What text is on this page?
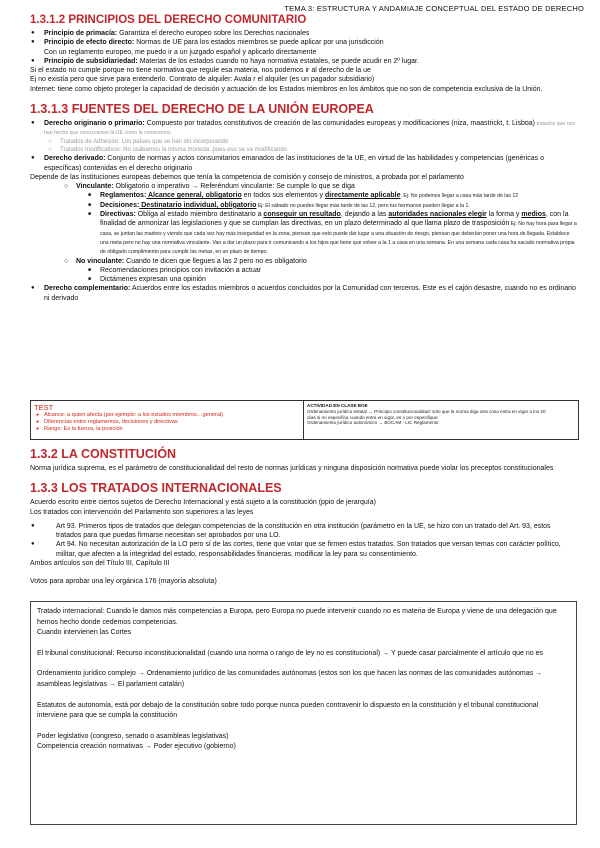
TEMA 3: ESTRUCTURA Y ANDAMIAJE CONCEPTUAL DEL ESTADO DE DERECHO
1.3.1.2 PRINCIPIOS DEL DERECHO COMUNITARIO
● Principio de primacía: Garantiza el derecho europeo sobre los Derechos nacionales
● Principio de efecto directo: Normas de UE para los estados miembros se puede aplicar por una jurisdicción

Con un reglamento europeo, me puedo ir a un juzgado español y aplicarlo directamente

● Principio de subsidiariedad: Materias de los estados cuando no haya normativa estatales, se puede acudir en 2º lugar.

Si el estado no cumple porque no tiene normativa que regule esa materia, nos podemos ir al derecho de la ue

Ej no existía pero que sirve para entenderlo. Contrato de alquiler: Avala r el alquiler (es un pagador subsidiario)

Internet: tiene como objeto proteger la capacidad de decisión y actuación de los Estados miembros en los ámbitos que no son de competencia exclusiva de la Unión.

1.3.1.3 FUENTES DEL DERECHO DE LA UNIÓN EUROPEA
● Derecho originario o primario: Compuesto por tratados constitutivos de creación de las comunidades europeas y modificaciones (niza, maastrickt, t. Lisboa) tratados que nos han hecho que conozcamos la UE como la conocemos.
○ Tratados de Adhesión: Los países que se han ido incorporando
○ Tratados modificativos: No usábamos la misma moneda, pues eso se va modificando
● Derecho derivado: Conjunto de normas y actos consumitarios emanados de las instituciones de la UE, en virtud de las habilidades y competencias (genéricas o específicas) contenidas en el derecho originario

Depende de las instituciones europeas debemos que tenía la competencia de comisión y consejo de ministros, a probada por el parlamento

○ Vinculante: Obligatorio o imperativo → Referéndum vinculante: Se cumple lo que se diga
■ Reglamentos: Alcance general, obligatorio en todos sus elementos y directamente aplicable. Ej: No podemos llegar a casa más tarde de las 12
■ Decisiones: Destinatario individual, obligatorio Ej: El sábado no puedes llegar más tarde de las 12, pero tus hermanos pueden llegar a la 1.
■ Directivas: Obliga al estado miembro destinatario a conseguir un resultado, dejando a las autoridades nacionales elegir la forma y medios, con la finalidad de armonizar las legislaciones y que se cumplan las directivas, en un plazo determinado al que llama plazo de trasposición Ej: No hay hora para llegar a casa, se juntan las madres y viendo que cada vez hay más inseguridad en la zona, piensan que esto puede dar lugar a una situación de riesgo, piensan que deberían poner una hora de llegada. Establece una meta pero no hay una normativa vinculante. Van a dar un plazo para ir comunicando a los hijos que tiene que volver a la 1 a casa en una semana. En una semana cada casa ha sacado normativa propia de obligado cumplimiento para cumplir las metas, en un plazo de tiempo.
○ No vinculante: Cuando te dicen que llegues a las 2 pero no es obligatorio
■ Recomendaciones principios con invitación a actuar
■ Dictámenes expresan una opinión
● Derecho complementario: Acuerdos entre los estados miembros o acuerdos concluidos por la Comunidad con terceros. Este es el cajón desastre, cuando no es ordinario ni derivado
TEST
● Alcance: a quien afecta (por ejemplo: a los estados miembros…general)
● Diferencias entre reglamentos, decisiones y directivas
● Rango: Es la fuerza, la posición
ACTIVIDAD EN CLASE BOE

Ordenamiento jurídico estatal → Principio constitucionalidad: solo que la norma diga otra cosa entra en vigor a los 20

días si no especifica cuando entra en vigor, es o por especifique

Ordenamiento jurídico autonómico → BOCAM - LIC Reglamento

1.3.2 LA CONSTITUCIÓN

Norma jurídica suprema, es el parámetro de constitucionalidad del resto de normas jurídicas y ninguna disposición normativa puede violar los preceptos constitucionales

1.3.3 LOS TRATADOS INTERNACIONALES

Acuerdo escrito entre ciertos sujetos de Derecho Internacional y está sujeto a la constitución (ppio de jerarquía)

Los tratados con intervención del Parlamento son superiores a las leyes

● Art 93. Primeros tipos de tratados que delegan competencias de la constitución en otra institución (parámetro en la UE, se hizo con un tratado del Art. 93, estos tratados para que puedas firmarse necesitan ser aprobados por una LO.
● Art 94. No necesitan autorización de la LO pero sí de las cortes, tiene que votar que se firmen estos tratados. Son tratados que versan temas con carácter político, militar, que afecten a la integridad del estado, responsabilidades financieras, modificar la ley para su consentimiento.

Ambos artículos son del Título III, Capítulo III

Votos para aprobar una ley orgánica 176 (mayoría absoluta)

Tratado internacional: Cuando le damos más competencias a Europa, pero Europa no puede intervenir cuando no es materia de Europa y viene de una delegación que hemos hecho donde cedemos competencias.

Cuando intervienen las Cortes

El tribunal constitucional: Recurso inconstitucionalidad (cuando una norma o rango de ley no es constitucional) → Y puede casar parcialmente el artículo que no es

Ordenamiento jurídico complejo → Ordenamiento jurídico de las comunidades autónomas (estos son los que hacen las normas de las comunidades autónomas → asambleas legislativas → El parlament catalán)

Estatutos de autonomía, está por debajo de la constitución sobre todo porque nunca pueden contravenir lo dispuesto en la constitución y el tribunal constitucional interviene para que se cumpla la constitución

Poder legislativo (congreso, senado o asambleas legislativas)

Competencia creación normativas → Poder ejecutivo (gobierno)
